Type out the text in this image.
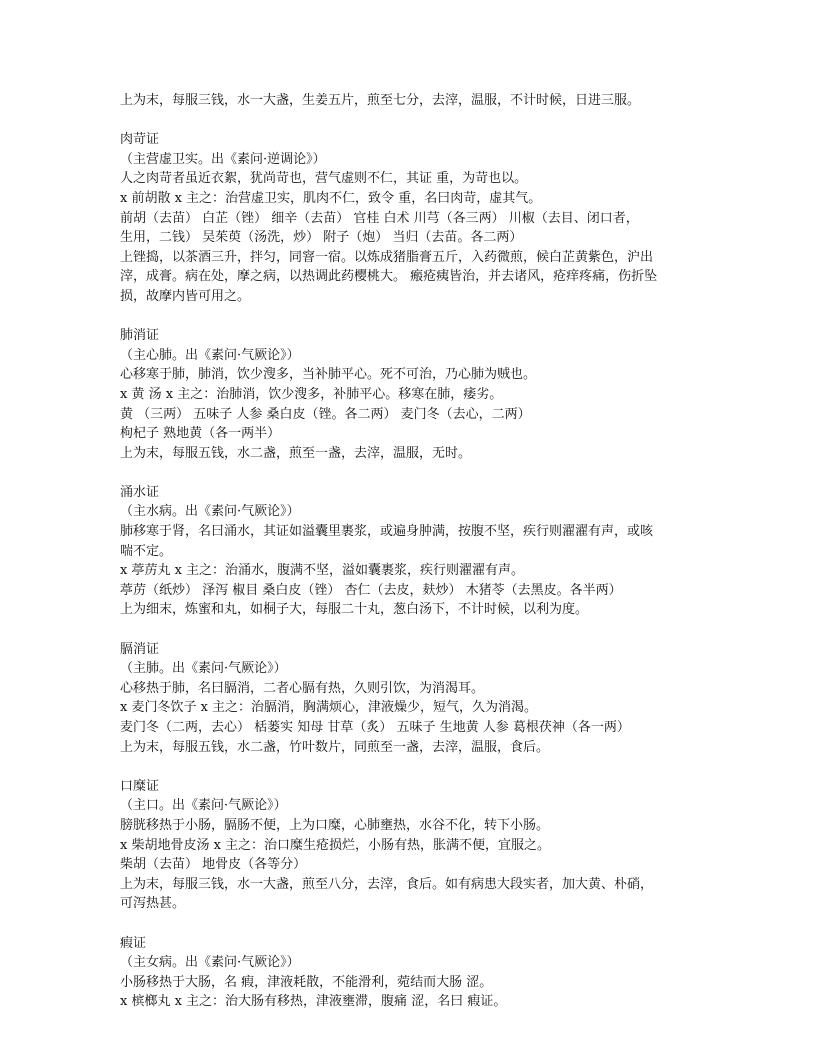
上为末，每服三钱，水一大盏，生姜五片，煎至七分，去滓，温服，不计时候，日进三服。
肉苛证
（主营虚卫实。出《素问·逆调论》）
人之肉苛者虽近衣絮，犹尚苛也，营气虚则不仁，其证 重，为苛也以。
x 前胡散 x 主之：治营虚卫实，肌肉不仁，致令 重，名曰肉苛，虚其气。
前胡（去苗） 白芷（锉） 细辛（去苗） 官桂 白术 川芎（各三两） 川椒（去目、闭口者，
生用，二钱） 吴茱萸（汤洗，炒） 附子（炮） 当归（去苗。各二两）
上锉捣，以茶酒三升，拌匀，同窨一宿。以炼成猪脂膏五斤，入药微煎，候白芷黄紫色，沪出
滓，成膏。病在处，摩之病，以热调此药樱桃大。 瘢疮痍皆治，并去诸风，疮痒疼痛，伤折坠
损，故摩内皆可用之。
肺消证
（主心肺。出《素问·气厥论》）
心移寒于肺，肺消，饮少溲多，当补肺平心。死不可治，乃心肺为贼也。
x 黄 汤 x 主之：治肺消，饮少溲多，补肺平心。移寒在肺，痿劣。
黄 （三两） 五味子 人参 桑白皮（锉。各二两） 麦门冬（去心，二两）
枸杞子 熟地黄（各一两半）
上为末，每服五钱，水二盏，煎至一盏，去滓，温服，无时。
涌水证
（主水病。出《素问·气厥论》）
肺移寒于肾，名曰涌水，其证如溢囊里裹浆，或遍身肿满，按腹不坚，疾行则濯濯有声，或咳
喘不定。
x 葶苈丸 x 主之：治涌水，腹满不坚，溢如囊裹浆，疾行则濯濯有声。
葶苈（纸炒） 泽泻 椒目 桑白皮（锉） 杏仁（去皮，麸炒） 木猪苓（去黑皮。各半两）
上为细末，炼蜜和丸，如桐子大，每服二十丸，葱白汤下，不计时候，以利为度。
膈消证
（主肺。出《素问·气厥论》）
心移热于肺，名曰膈消，二者心膈有热，久则引饮，为消渴耳。
x 麦门冬饮子 x 主之：治膈消，胸满烦心，津液燥少，短气，久为消渴。
麦门冬（二两，去心） 栝蒌实 知母 甘草（炙） 五味子 生地黄 人参 葛根茯神（各一两）
上为末，每服五钱，水二盏，竹叶数片，同煎至一盏，去滓，温服，食后。
口糜证
（主口。出《素问·气厥论》）
膀胱移热于小肠，膈肠不便，上为口糜，心肺壅热，水谷不化，转下小肠。
x 柴胡地骨皮汤 x 主之：治口糜生疮损烂，小肠有热，胀满不便，宜服之。
柴胡（去苗） 地骨皮（各等分）
上为末，每服三钱，水一大盏，煎至八分，去滓，食后。如有病患大段实者，加大黄、朴硝，
可泻热甚。
瘕证
（主女病。出《素问·气厥论》）
小肠移热于大肠，名 瘕，津液耗散，不能滑利，菀结而大肠 涩。
x 槟榔丸 x 主之：治大肠有移热，津液壅滞，腹痛 涩，名曰 瘕证。
